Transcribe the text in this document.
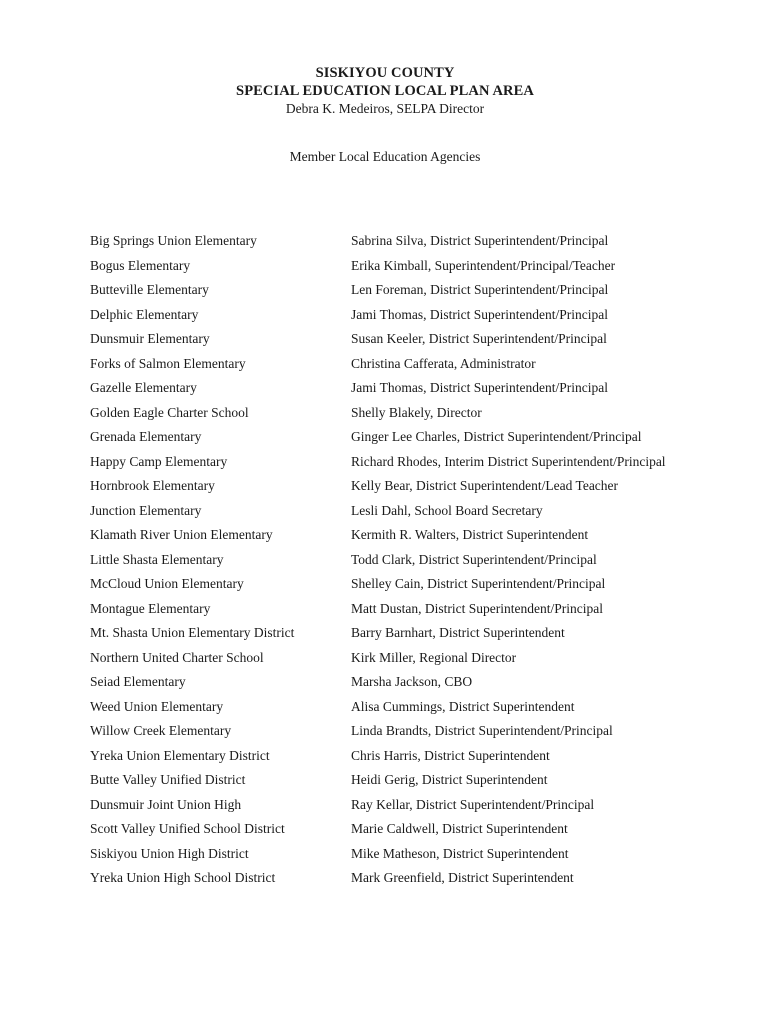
SISKIYOU COUNTY
SPECIAL EDUCATION LOCAL PLAN AREA
Debra K. Medeiros, SELPA Director
Member Local Education Agencies
Big Springs Union Elementary	Sabrina Silva, District Superintendent/Principal
Bogus Elementary	Erika Kimball, Superintendent/Principal/Teacher
Butteville Elementary	Len Foreman, District Superintendent/Principal
Delphic Elementary	Jami Thomas, District Superintendent/Principal
Dunsmuir Elementary	Susan Keeler, District Superintendent/Principal
Forks of Salmon Elementary	Christina Cafferata, Administrator
Gazelle Elementary	Jami Thomas, District Superintendent/Principal
Golden Eagle Charter School	Shelly Blakely, Director
Grenada Elementary	Ginger Lee Charles, District Superintendent/Principal
Happy Camp Elementary	Richard Rhodes, Interim District Superintendent/Principal
Hornbrook Elementary	Kelly Bear, District Superintendent/Lead Teacher
Junction Elementary	Lesli Dahl, School Board Secretary
Klamath River Union Elementary	Kermith R. Walters, District Superintendent
Little Shasta Elementary	Todd Clark, District Superintendent/Principal
McCloud Union Elementary	Shelley Cain, District Superintendent/Principal
Montague Elementary	Matt Dustan, District Superintendent/Principal
Mt. Shasta Union Elementary District	Barry Barnhart, District Superintendent
Northern United Charter School	Kirk Miller, Regional Director
Seiad Elementary	Marsha Jackson, CBO
Weed Union Elementary	Alisa Cummings, District Superintendent
Willow Creek Elementary	Linda Brandts, District Superintendent/Principal
Yreka Union Elementary District	Chris Harris, District Superintendent
Butte Valley Unified District	Heidi Gerig, District Superintendent
Dunsmuir Joint Union High	Ray Kellar, District Superintendent/Principal
Scott Valley Unified School District	Marie Caldwell, District Superintendent
Siskiyou Union High District	Mike Matheson, District Superintendent
Yreka Union High School District	Mark Greenfield, District Superintendent
